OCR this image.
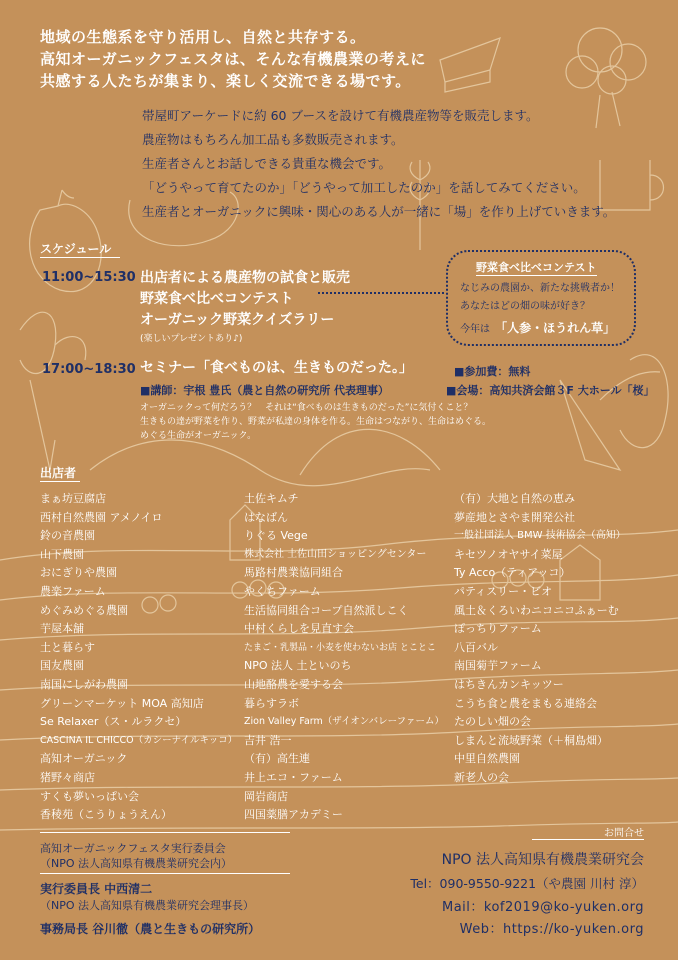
地域の生態系を守り活用し、自然と共存する。
高知オーガニックフェスタは、そんな有機農業の考えに
共感する人たちが集まり、楽しく交流できる場です。
帯屋町アーケードに約 60 ブースを設けて有機農産物等を販売します。
農産物はもちろん加工品も多数販売されます。
生産者さんとお話しできる貴重な機会です。
「どうやって育てたのか」「どうやって加工したのか」を話してみてください。
生産者とオーガニックに興味・関心のある人が一緒に「場」を作り上げていきます。
スケジュール
11:00~15:30 出店者による農産物の試食と販売
野菜食べ比べコンテスト
オーガニック野菜クイズラリー
(楽しいプレゼントあり♪)
野菜食べ比べコンテスト
なじみの農園か、新たな挑戦者か！
あなたはどの畑の味が好き？
今年は 「人参・ほうれん草」
17:00~18:30 セミナー「食べものは、生きものだった。」	■参加費：無料
■講師：宇根 豊氏（農と自然の研究所 代表理事）	■会場：高知共済会館３F 大ホール「桜」
オーガニックって何だろう？　それは“食べものは生きものだった”に気付くこと？
生きもの達が野菜を作り、野菜が私達の身体を作る。生命はつながり、生命はめぐる。
めぐる生命がオーガニック。
出店者
まぁ坊豆腐店
西村自然農園 アメノイロ
鈴の音農園
山下農園
おにぎりや農園
農楽ファーム
めぐみめぐる農園
芋屋本舗
土と暮らす
国友農園
南国にしがわ農園
グリーンマーケット MOA 高知店
Se Relaxer（ス・ルラクセ）
CASCINA IL CHICCO（カシーナイルキッコ）
高知オーガニック
猪野々商店
すくも夢いっぱい会
香稜苑（こうりょうえん）
土佐キムチ
はなばん
りぐる Vege
株式会社 土佐山田ショッピングセンター
馬路村農業協同組合
やくちファーム
生活協同組合コープ自然派しこく
中村くらしを見直す会
たまご・乳製品・小麦を使わないお店 とことこ
NPO 法人 土といのち
山地酪農を愛する会
暮らすラボ
Zion Valley Farm（ザイオンバレーファーム）
吉井 浩一
（有）高生連
井上エコ・ファーム
岡岩商店
四国薬膳アカデミー
（有）大地と自然の恵み
夢産地とさやま開発公社
一般社団法人 BMW 技術協会（高知）
キセツノオヤサイ菜屋
Ty Acco（ティアッコ）
パティスリー・ビオ
風土＆くろいわニコニコふぁーむ
ぽっちりファーム
八百バル
南国菊芋ファーム
はちきんカンキッツー
こうち食と農をまもる連絡会
たのしい畑の会
しまんと流域野菜（＋桐島畑）
中里自然農園
新老人の会
高知オーガニックフェスタ実行委員会
（NPO 法人高知県有機農業研究会内）
実行委員長 中西清二
（NPO 法人高知県有機農業研究会理事長）
事務局長 谷川徹（農と生きもの研究所）
お問合せ
NPO 法人高知県有機農業研究会
Tel：090-9550-9221（や農園 川村 淳）
Mail：kof2019@ko-yuken.org
Web：https://ko-yuken.org
